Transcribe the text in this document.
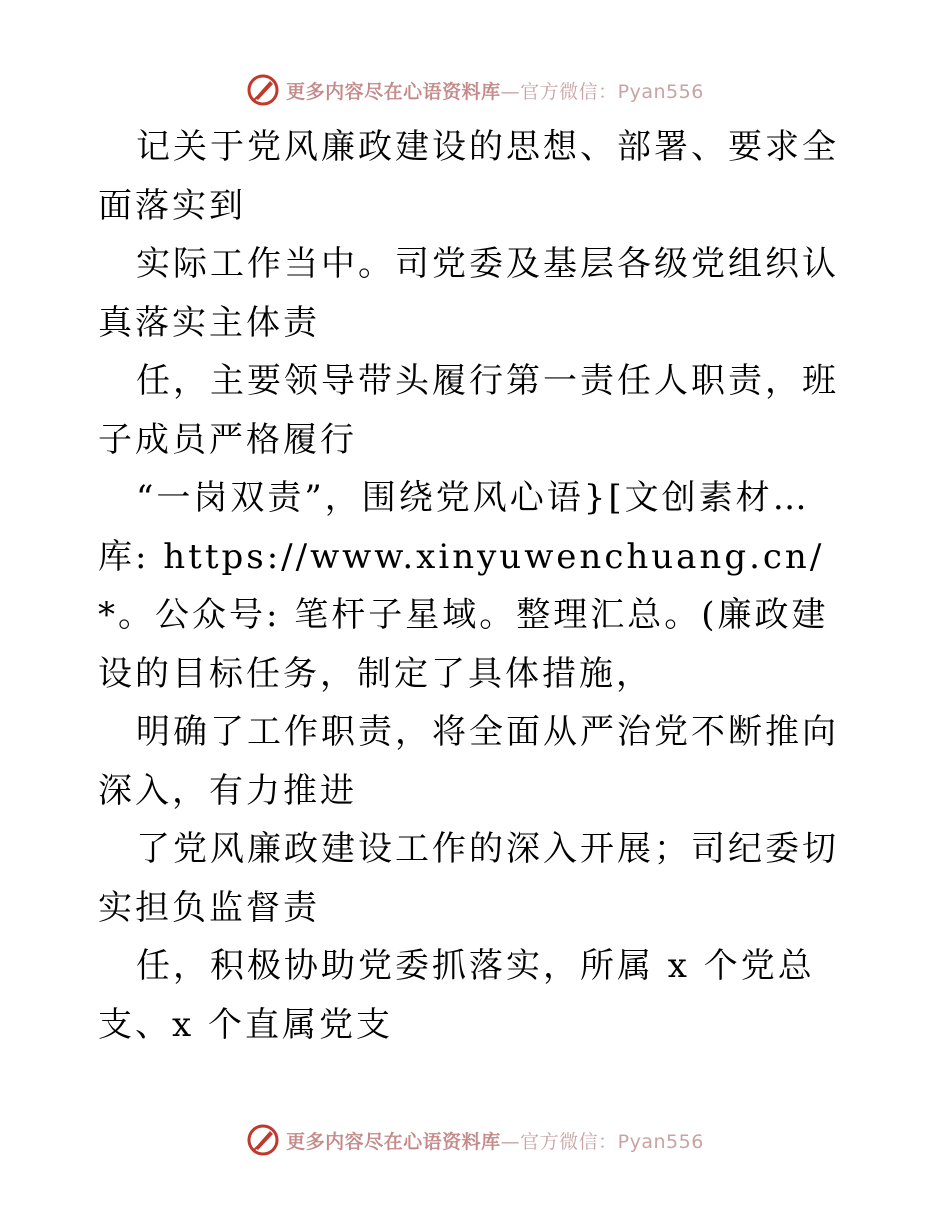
更多内容尽在心语资料库—官方微信：Pyan556

记关于党风廉政建设的思想、部署、要求全面落实到

实际工作当中。司党委及基层各级党组织认真落实主体责

任，主要领导带头履行第一责任人职责，班子成员严格履行

“一岗双责”，围绕党风心语}[文创素材…库: https://www.xinyuwenchuang.cn/*。公众号: 笔杆子星域。整理汇总。(廉政建设的目标任务，制定了具体措施，

明确了工作职责，将全面从严治党不断推向深入，有力推进

了党风廉政建设工作的深入开展；司纪委切实担负监督责

任，积极协助党委抓落实，所属 x 个党总支、x 个直属党支

更多内容尽在心语资料库—官方微信：Pyan556
